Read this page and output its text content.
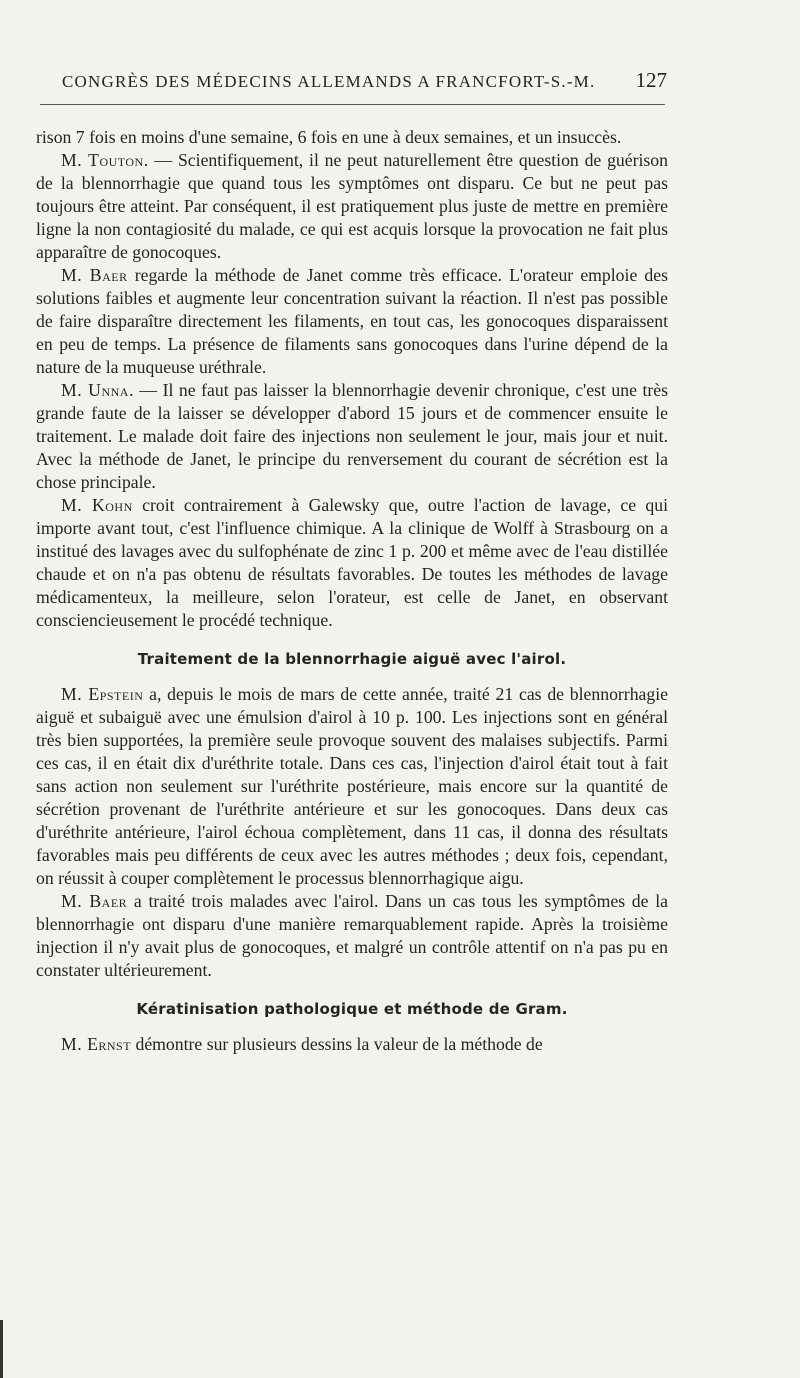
CONGRÈS DES MÉDECINS ALLEMANDS A FRANCFORT-S.-M. 127

rison 7 fois en moins d'une semaine, 6 fois en une à deux semaines, et un insuccès.

M. Touton. — Scientifiquement, il ne peut naturellement être question de guérison de la blennorrhagie que quand tous les symptômes ont disparu. Ce but ne peut pas toujours être atteint. Par conséquent, il est pratiquement plus juste de mettre en première ligne la non contagiosité du malade, ce qui est acquis lorsque la provocation ne fait plus apparaître de gonocoques.

M. Baer regarde la méthode de Janet comme très efficace. L'orateur emploie des solutions faibles et augmente leur concentration suivant la réaction. Il n'est pas possible de faire disparaître directement les filaments, en tout cas, les gonocoques disparaissent en peu de temps. La présence de filaments sans gonocoques dans l'urine dépend de la nature de la muqueuse uréthrale.

M. Unna. — Il ne faut pas laisser la blennorrhagie devenir chronique, c'est une très grande faute de la laisser se développer d'abord 15 jours et de commencer ensuite le traitement. Le malade doit faire des injections non seulement le jour, mais jour et nuit. Avec la méthode de Janet, le principe du renversement du courant de sécrétion est la chose principale.

M. Kohn croit contrairement à Galewsky que, outre l'action de lavage, ce qui importe avant tout, c'est l'influence chimique. A la clinique de Wolff à Strasbourg on a institué des lavages avec du sulfophénate de zinc 1 p. 200 et même avec de l'eau distillée chaude et on n'a pas obtenu de résultats favorables. De toutes les méthodes de lavage médicamenteux, la meilleure, selon l'orateur, est celle de Janet, en observant consciencieusement le procédé technique.

Traitement de la blennorrhagie aiguë avec l'airol.

M. Epstein a, depuis le mois de mars de cette année, traité 21 cas de blennorrhagie aiguë et subaiguë avec une émulsion d'airol à 10 p. 100. Les injections sont en général très bien supportées, la première seule provoque souvent des malaises subjectifs. Parmi ces cas, il en était dix d'uréthrite totale. Dans ces cas, l'injection d'airol était tout à fait sans action non seulement sur l'uréthrite postérieure, mais encore sur la quantité de sécrétion provenant de l'uréthrite antérieure et sur les gonocoques. Dans deux cas d'uréthrite antérieure, l'airol échoua complètement, dans 11 cas, il donna des résultats favorables mais peu différents de ceux avec les autres méthodes ; deux fois, cependant, on réussit à couper complètement le processus blennorrhagique aigu.

M. Baer a traité trois malades avec l'airol. Dans un cas tous les symptômes de la blennorrhagie ont disparu d'une manière remarquablement rapide. Après la troisième injection il n'y avait plus de gonocoques, et malgré un contrôle attentif on n'a pas pu en constater ultérieurement.

Kératinisation pathologique et méthode de Gram.

M. Ernst démontre sur plusieurs dessins la valeur de la méthode de
